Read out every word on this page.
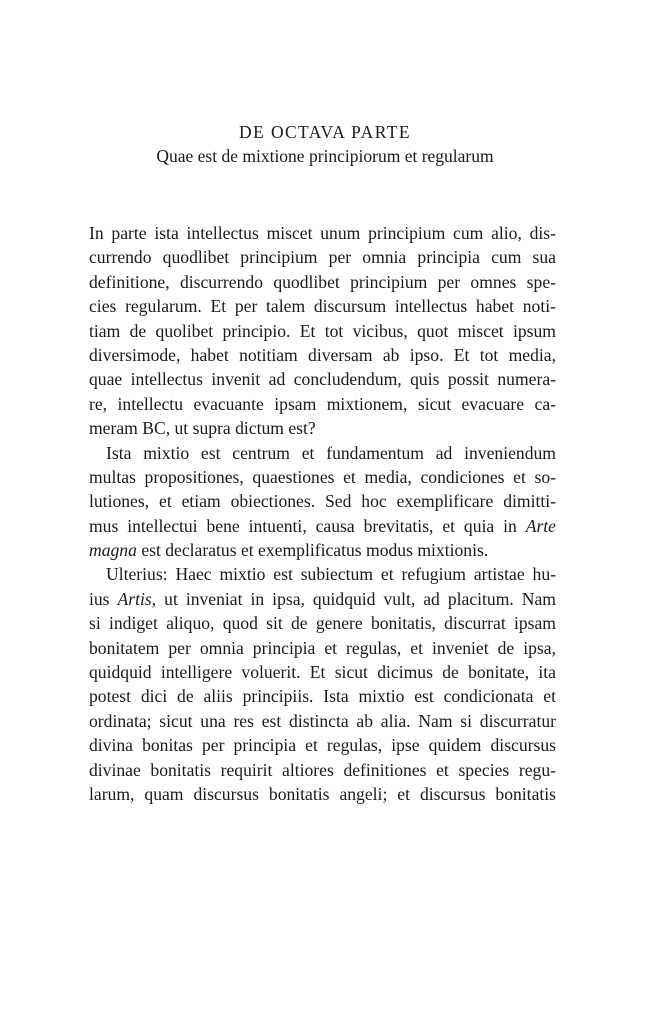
DE OCTAVA PARTE

Quae est de mixtione principiorum et regularum

In parte ista intellectus miscet unum principium cum alio, dis-
currendo quodlibet principium per omnia principia cum sua
definitione, discurrendo quodlibet principium per omnes spe-
cies regularum. Et per talem discursum intellectus habet noti-
tiam de quolibet principio. Et tot vicibus, quot miscet ipsum
diversimode, habet notitiam diversam ab ipso. Et tot media,
quae intellectus invenit ad concludendum, quis possit numera-
re, intellectu evacuante ipsam mixtionem, sicut evacuare ca-
meram BC, ut supra dictum est?
Ista mixtio est centrum et fundamentum ad inveniendum
multas propositiones, quaestiones et media, condiciones et so-
lutiones, et etiam obiectiones. Sed hoc exemplificare dimitti-
mus intellectui bene intuenti, causa brevitatis, et quia in Arte
magna est declaratus et exemplificatus modus mixtionis.
Ulterius: Haec mixtio est subiectum et refugium artistae hu-
ius Artis, ut inveniat in ipsa, quidquid vult, ad placitum. Nam
si indiget aliquo, quod sit de genere bonitatis, discurrat ipsam
bonitatem per omnia principia et regulas, et inveniet de ipsa,
quidquid intelligere voluerit. Et sicut dicimus de bonitate, ita
potest dici de aliis principiis. Ista mixtio est condicionata et
ordinata; sicut una res est distincta ab alia. Nam si discurratur
divina bonitas per principia et regulas, ipse quidem discursus
divinae bonitatis requirit altiores definitiones et species regu-
larum, quam discursus bonitatis angeli; et discursus bonitatis
